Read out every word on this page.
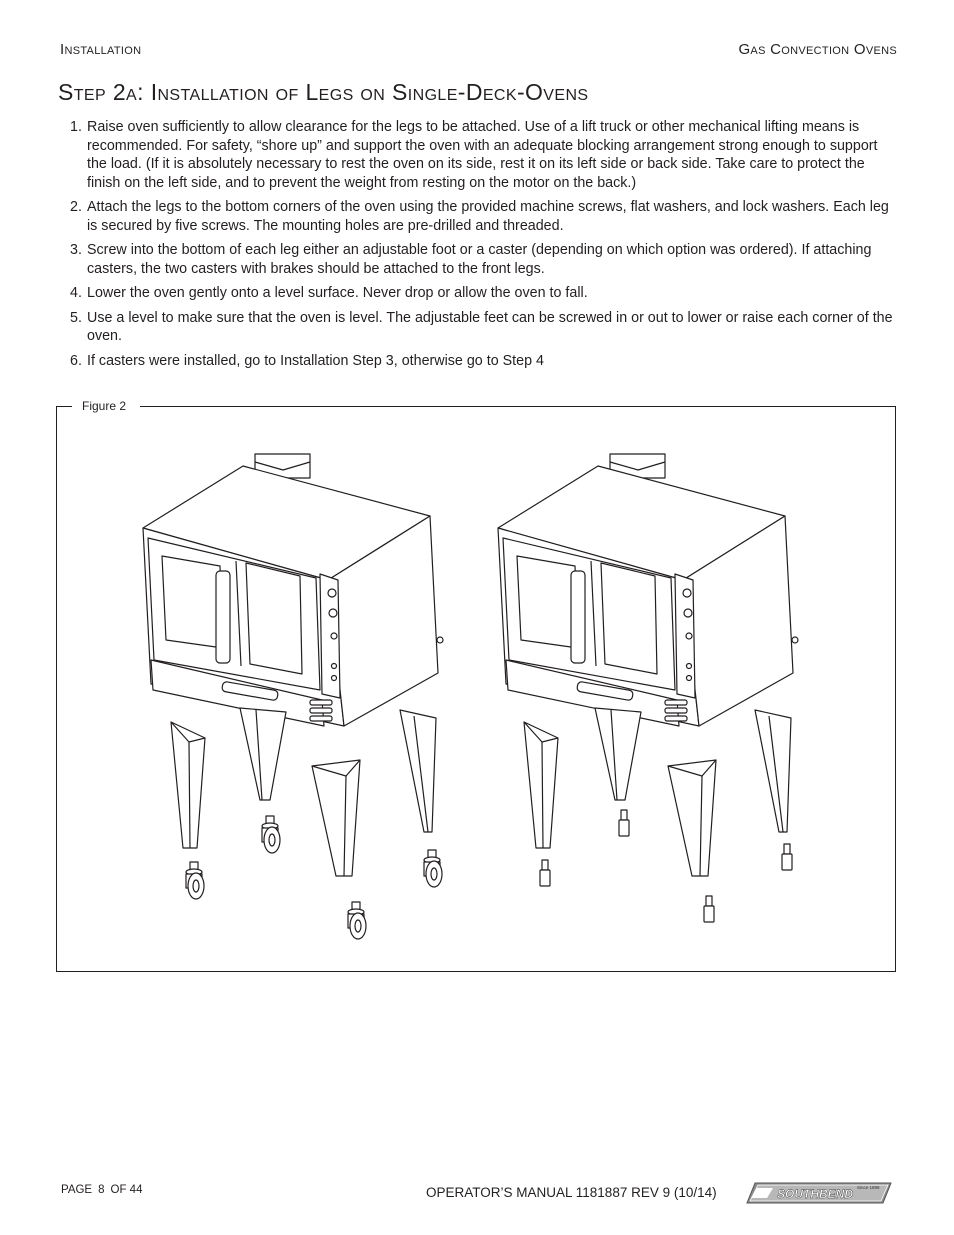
Installation	Gas Convection Ovens
Step 2a: Installation of Legs on Single-Deck-Ovens
1. Raise oven sufficiently to allow clearance for the legs to be attached. Use of a lift truck or other mechanical lifting means is recommended. For safety, “shore up” and support the oven with an adequate blocking arrangement strong enough to support the load. (If it is absolutely necessary to rest the oven on its side, rest it on its left side or back side. Take care to protect the finish on the left side, and to prevent the weight from resting on the motor on the back.)
2. Attach the legs to the bottom corners of the oven using the provided machine screws, flat washers, and lock washers. Each leg is secured by five screws. The mounting holes are pre-drilled and threaded.
3. Screw into the bottom of each leg either an adjustable foot or a caster (depending on which option was ordered). If attaching casters, the two casters with brakes should be attached to the front legs.
4. Lower the oven gently onto a level surface. Never drop or allow the oven to fall.
5. Use a level to make sure that the oven is level. The adjustable feet can be screwed in or out to lower or raise each corner of the oven.
6. If casters were installed, go to Installation Step 3, otherwise go to Step 4
Figure 2
PAGE 8 OF 44	OPERATOR’S MANUAL 1181887 REV 9 (10/14)	SOUTHBEND Since 1898
